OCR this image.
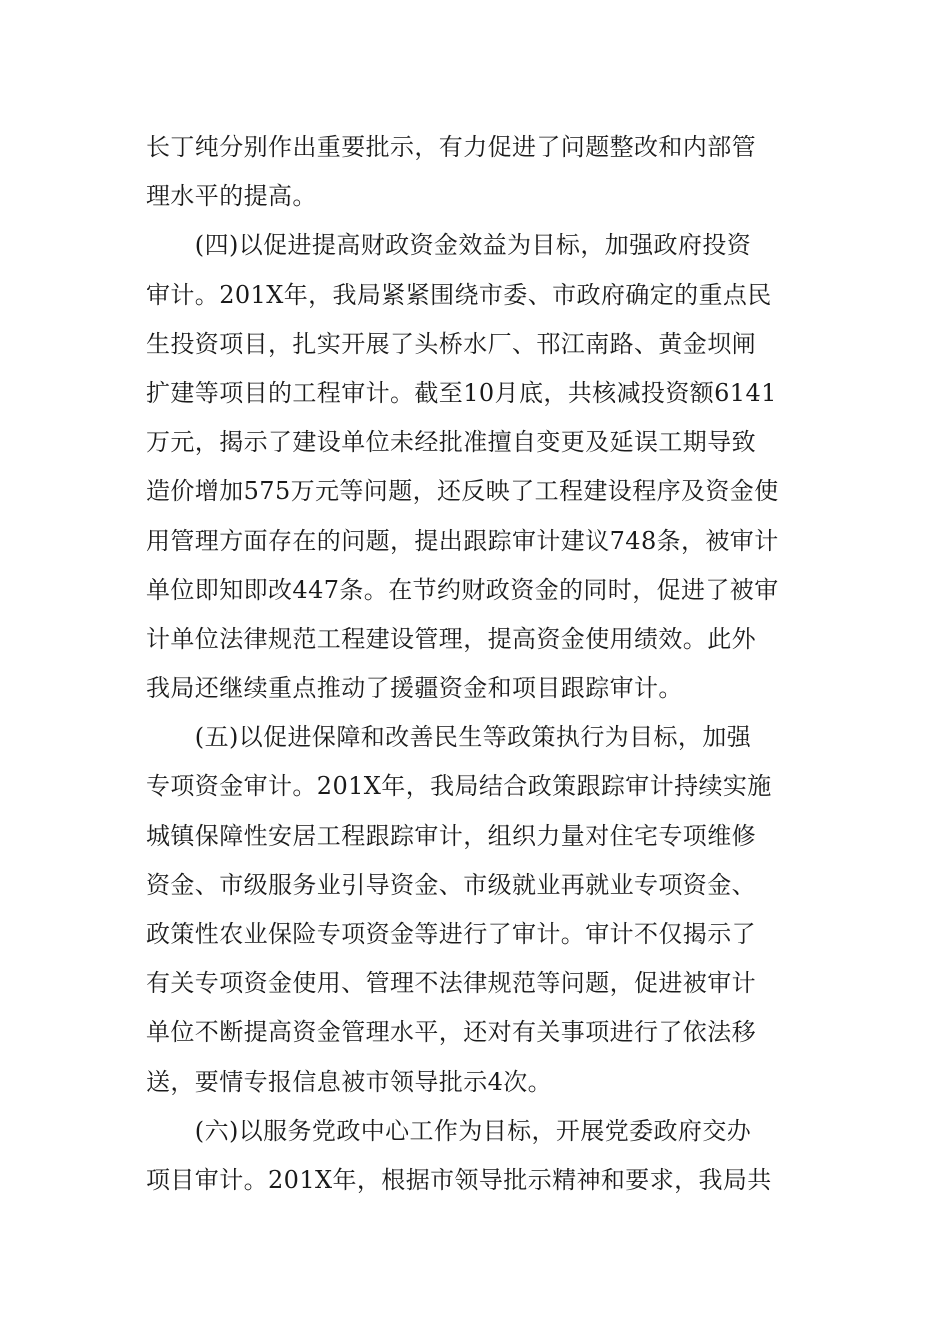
长丁纯分别作出重要批示，有力促进了问题整改和内部管
理水平的提高。
　　(四)以促进提高财政资金效益为目标，加强政府投资
审计。201X年，我局紧紧围绕市委、市政府确定的重点民
生投资项目，扎实开展了头桥水厂、邗江南路、黄金坝闸
扩建等项目的工程审计。截至10月底，共核减投资额6141
万元，揭示了建设单位未经批准擅自变更及延误工期导致
造价增加575万元等问题，还反映了工程建设程序及资金使
用管理方面存在的问题，提出跟踪审计建议748条，被审计
单位即知即改447条。在节约财政资金的同时，促进了被审
计单位法律规范工程建设管理，提高资金使用绩效。此外
我局还继续重点推动了援疆资金和项目跟踪审计。
　　(五)以促进保障和改善民生等政策执行为目标，加强
专项资金审计。201X年，我局结合政策跟踪审计持续实施
城镇保障性安居工程跟踪审计，组织力量对住宅专项维修
资金、市级服务业引导资金、市级就业再就业专项资金、
政策性农业保险专项资金等进行了审计。审计不仅揭示了
有关专项资金使用、管理不法律规范等问题，促进被审计
单位不断提高资金管理水平，还对有关事项进行了依法移
送，要情专报信息被市领导批示4次。
　　(六)以服务党政中心工作为目标，开展党委政府交办
项目审计。201X年，根据市领导批示精神和要求，我局共
